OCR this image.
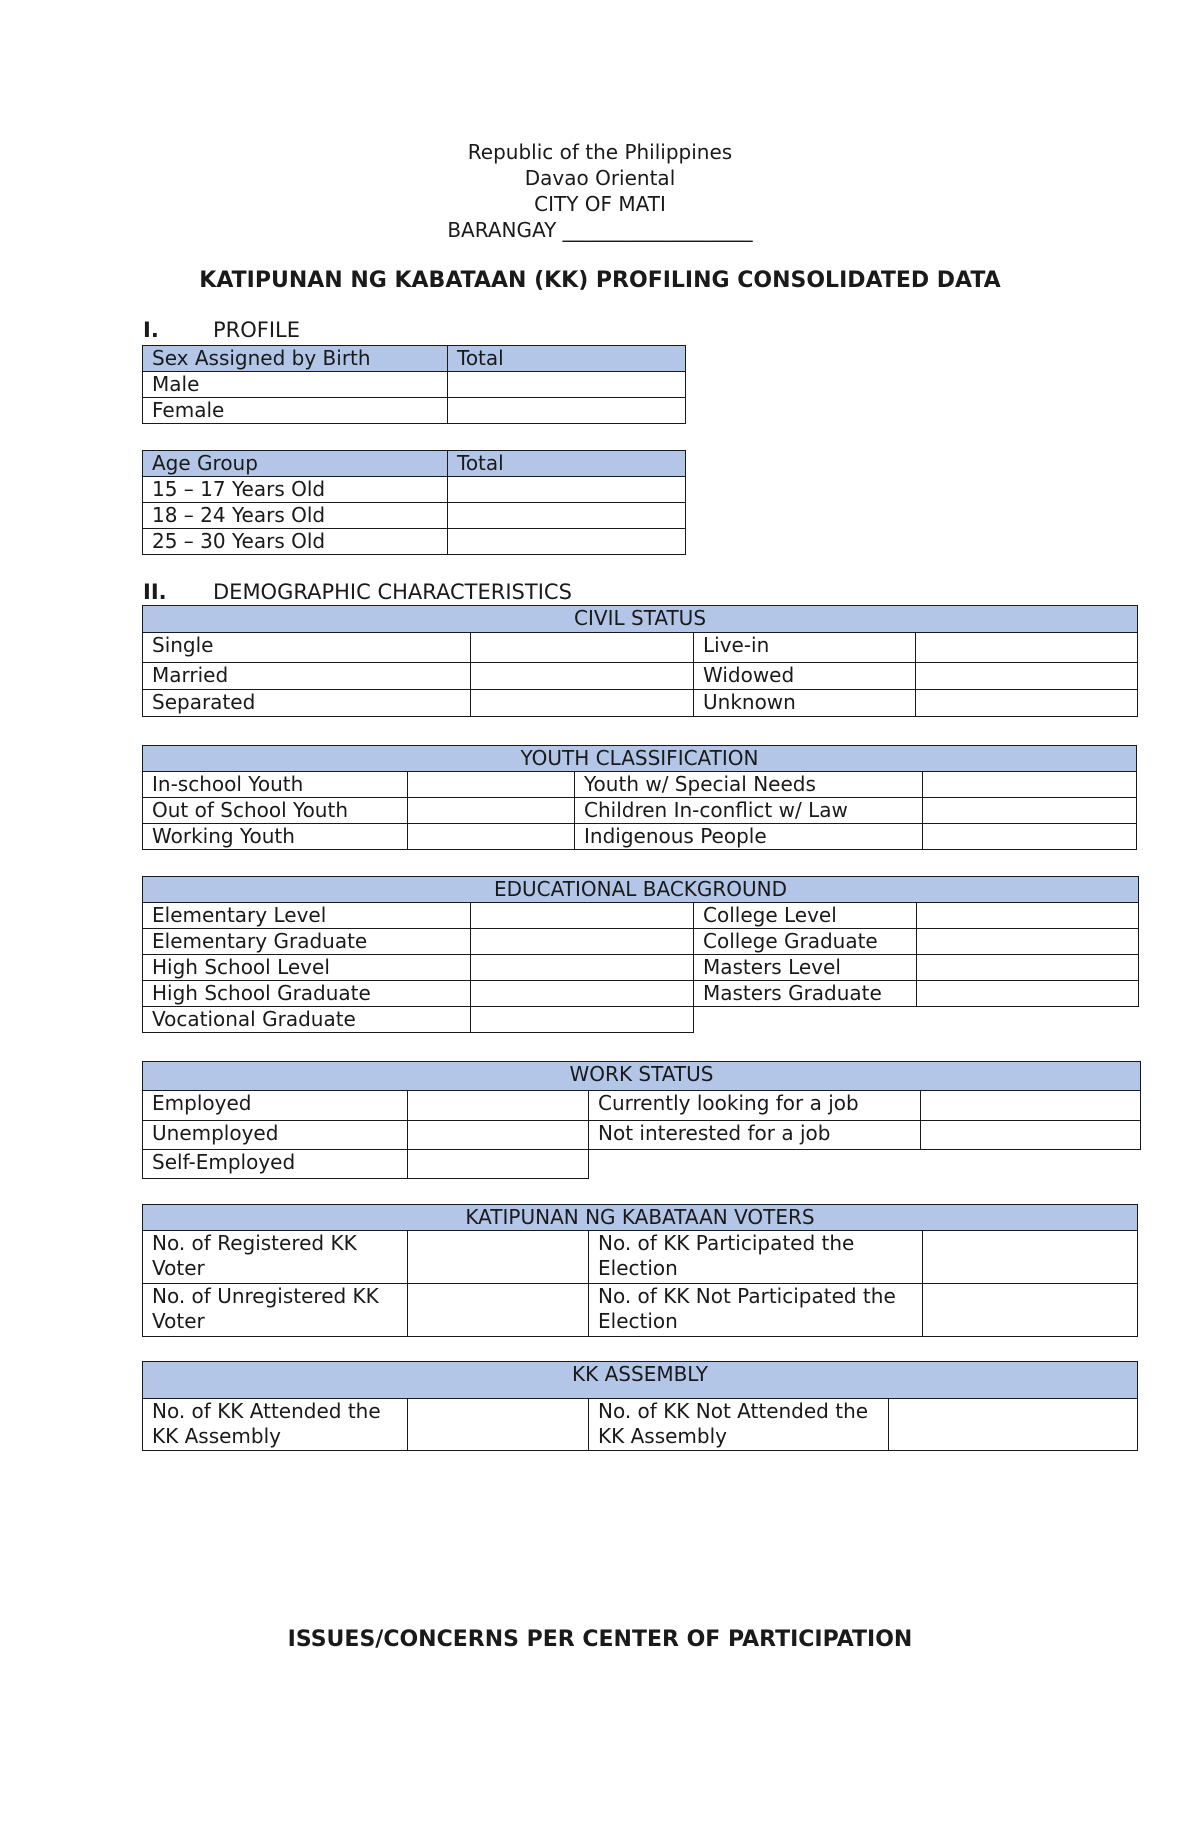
Republic of the Philippines
Davao Oriental
CITY OF MATI
BARANGAY ___________________
KATIPUNAN NG KABATAAN (KK) PROFILING CONSOLIDATED DATA
I.	PROFILE
Sex Assigned by Birth	Total
Male	
Female	
Age Group	Total
15 – 17 Years Old	
18 – 24 Years Old	
25 – 30 Years Old	
II. DEMOGRAPHIC CHARACTERISTICS
CIVIL STATUS			
Single		Live-in	
Married		Widowed	
Separated		Unknown	
YOUTH CLASSIFICATION			
In-school Youth		Youth w/ Special Needs	
Out of School Youth		Children In-conflict w/ Law	
Working Youth		Indigenous People	
EDUCATIONAL BACKGROUND			
Elementary Level		College Level	
Elementary Graduate		College Graduate	
High School Level		Masters Level	
High School Graduate		Masters Graduate	
Vocational Graduate			
WORK STATUS			
Employed		Currently looking for a job	
Unemployed		Not interested for a job	
Self-Employed			
KATIPUNAN NG KABATAAN VOTERS			
No. of Registered KK Voter		No. of KK Participated the Election	
No. of Unregistered KK Voter		No. of KK Not Participated the Election	
KK ASSEMBLY
No. of KK Attended the KK Assembly		No. of KK Not Attended the KK Assembly	
ISSUES/CONCERNS PER CENTER OF PARTICIPATION
